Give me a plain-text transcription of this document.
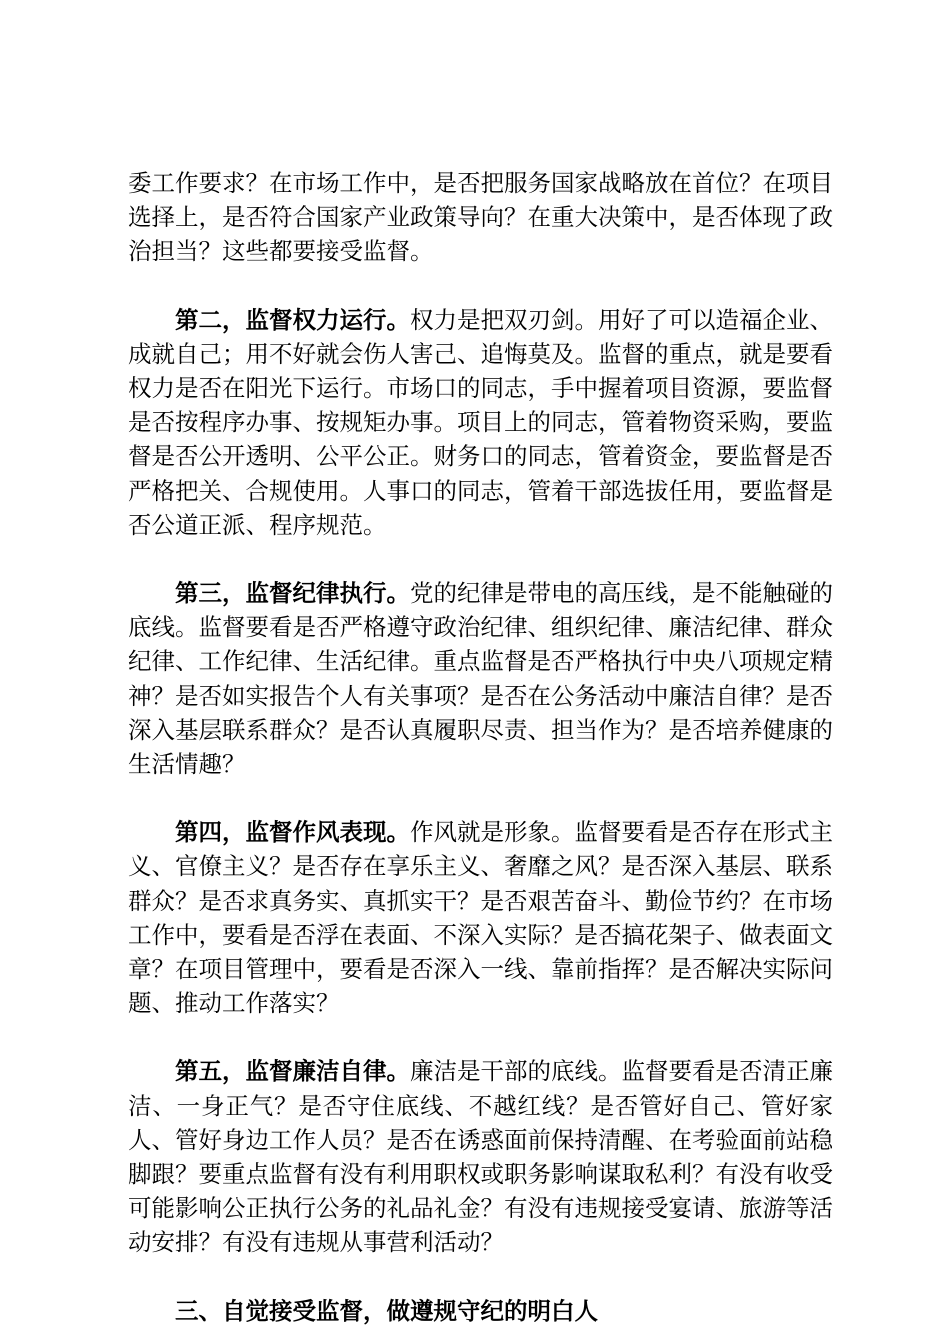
委工作要求？在市场工作中，是否把服务国家战略放在首位？在项目选择上，是否符合国家产业政策导向？在重大决策中，是否体现了政治担当？这些都要接受监督。

第二，监督权力运行。权力是把双刃剑。用好了可以造福企业、成就自己；用不好就会伤人害己、追悔莫及。监督的重点，就是要看权力是否在阳光下运行。市场口的同志，手中握着项目资源，要监督是否按程序办事、按规矩办事。项目上的同志，管着物资采购，要监督是否公开透明、公平公正。财务口的同志，管着资金，要监督是否严格把关、合规使用。人事口的同志，管着干部选拔任用，要监督是否公道正派、程序规范。

第三，监督纪律执行。党的纪律是带电的高压线，是不能触碰的底线。监督要看是否严格遵守政治纪律、组织纪律、廉洁纪律、群众纪律、工作纪律、生活纪律。重点监督是否严格执行中央八项规定精神？是否如实报告个人有关事项？是否在公务活动中廉洁自律？是否深入基层联系群众？是否认真履职尽责、担当作为？是否培养健康的生活情趣？

第四，监督作风表现。作风就是形象。监督要看是否存在形式主义、官僚主义？是否存在享乐主义、奢靡之风？是否深入基层、联系群众？是否求真务实、真抓实干？是否艰苦奋斗、勤俭节约？在市场工作中，要看是否浮在表面、不深入实际？是否搞花架子、做表面文章？在项目管理中，要看是否深入一线、靠前指挥？是否解决实际问题、推动工作落实？

第五，监督廉洁自律。廉洁是干部的底线。监督要看是否清正廉洁、一身正气？是否守住底线、不越红线？是否管好自己、管好家人、管好身边工作人员？是否在诱惑面前保持清醒、在考验面前站稳脚跟？要重点监督有没有利用职权或职务影响谋取私利？有没有收受可能影响公正执行公务的礼品礼金？有没有违规接受宴请、旅游等活动安排？有没有违规从事营利活动？

三、自觉接受监督，做遵规守纪的明白人
